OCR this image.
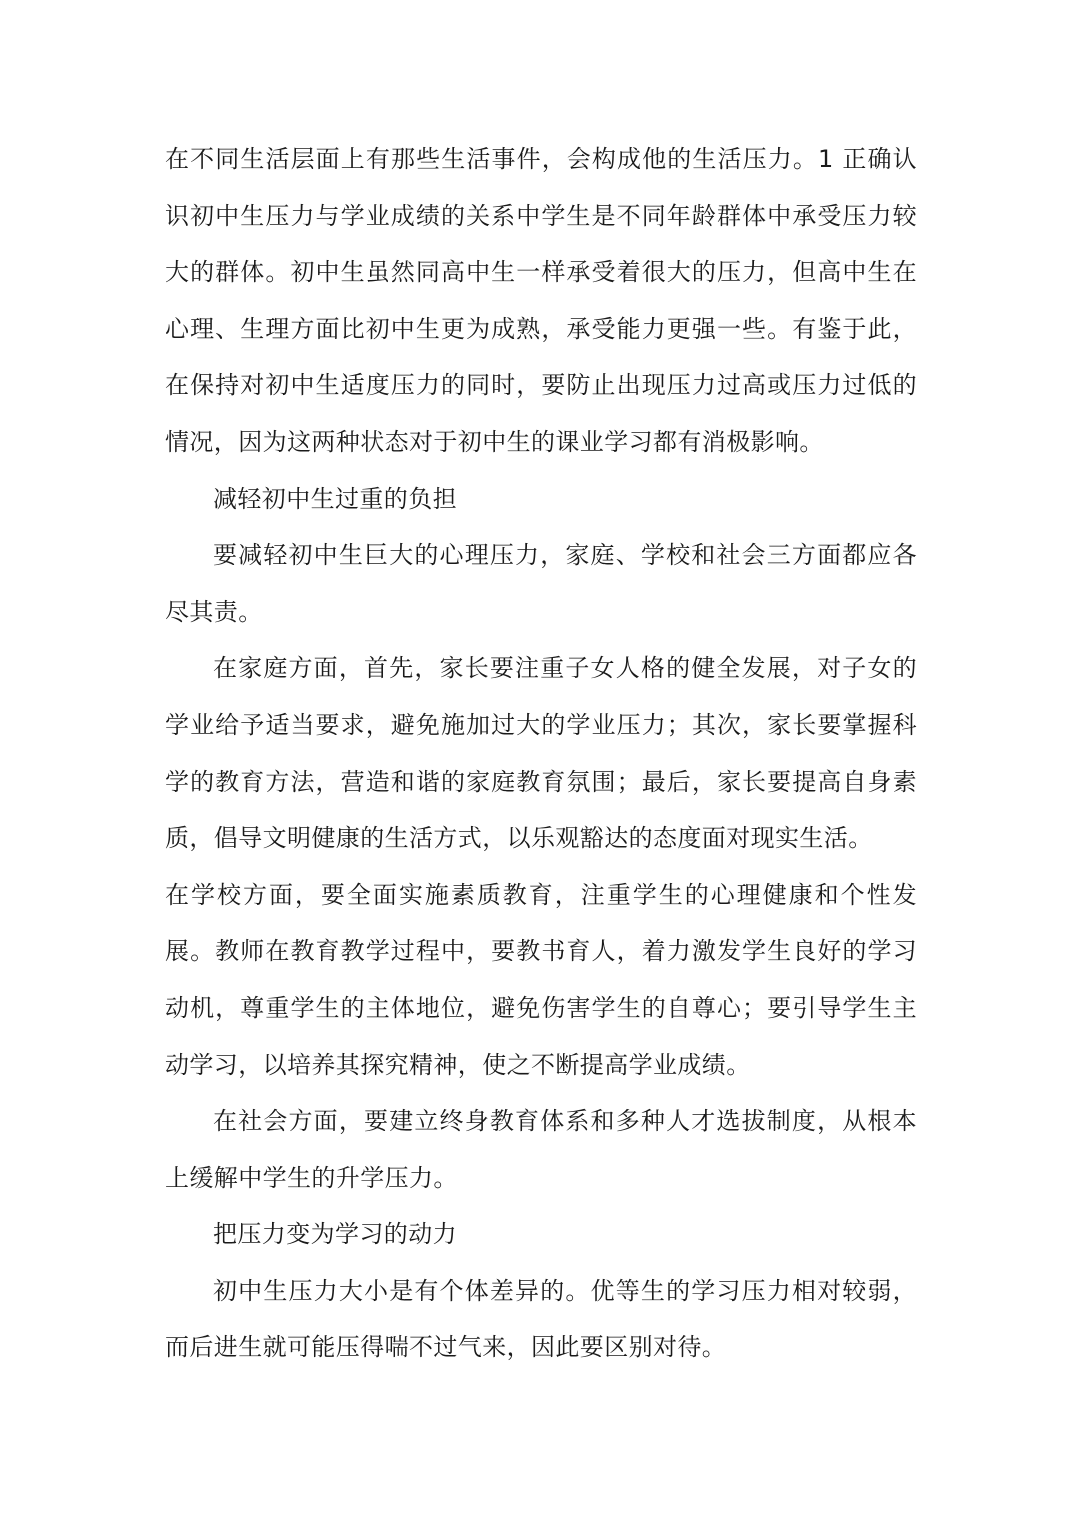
在不同生活层面上有那些生活事件，会构成他的生活压力。1 正确认识初中生压力与学业成绩的关系中学生是不同年龄群体中承受压力较大的群体。初中生虽然同高中生一样承受着很大的压力，但高中生在心理、生理方面比初中生更为成熟，承受能力更强一些。有鉴于此，在保持对初中生适度压力的同时，要防止出现压力过高或压力过低的情况，因为这两种状态对于初中生的课业学习都有消极影响。

减轻初中生过重的负担

要减轻初中生巨大的心理压力，家庭、学校和社会三方面都应各尽其责。

在家庭方面，首先，家长要注重子女人格的健全发展，对子女的学业给予适当要求，避免施加过大的学业压力；其次，家长要掌握科学的教育方法，营造和谐的家庭教育氛围；最后，家长要提高自身素质，倡导文明健康的生活方式，以乐观豁达的态度面对现实生活。

在学校方面，要全面实施素质教育，注重学生的心理健康和个性发展。教师在教育教学过程中，要教书育人，着力激发学生良好的学习动机，尊重学生的主体地位，避免伤害学生的自尊心；要引导学生主动学习，以培养其探究精神，使之不断提高学业成绩。

在社会方面，要建立终身教育体系和多种人才选拔制度，从根本上缓解中学生的升学压力。

把压力变为学习的动力

初中生压力大小是有个体差异的。优等生的学习压力相对较弱，而后进生就可能压得喘不过气来，因此要区别对待。
